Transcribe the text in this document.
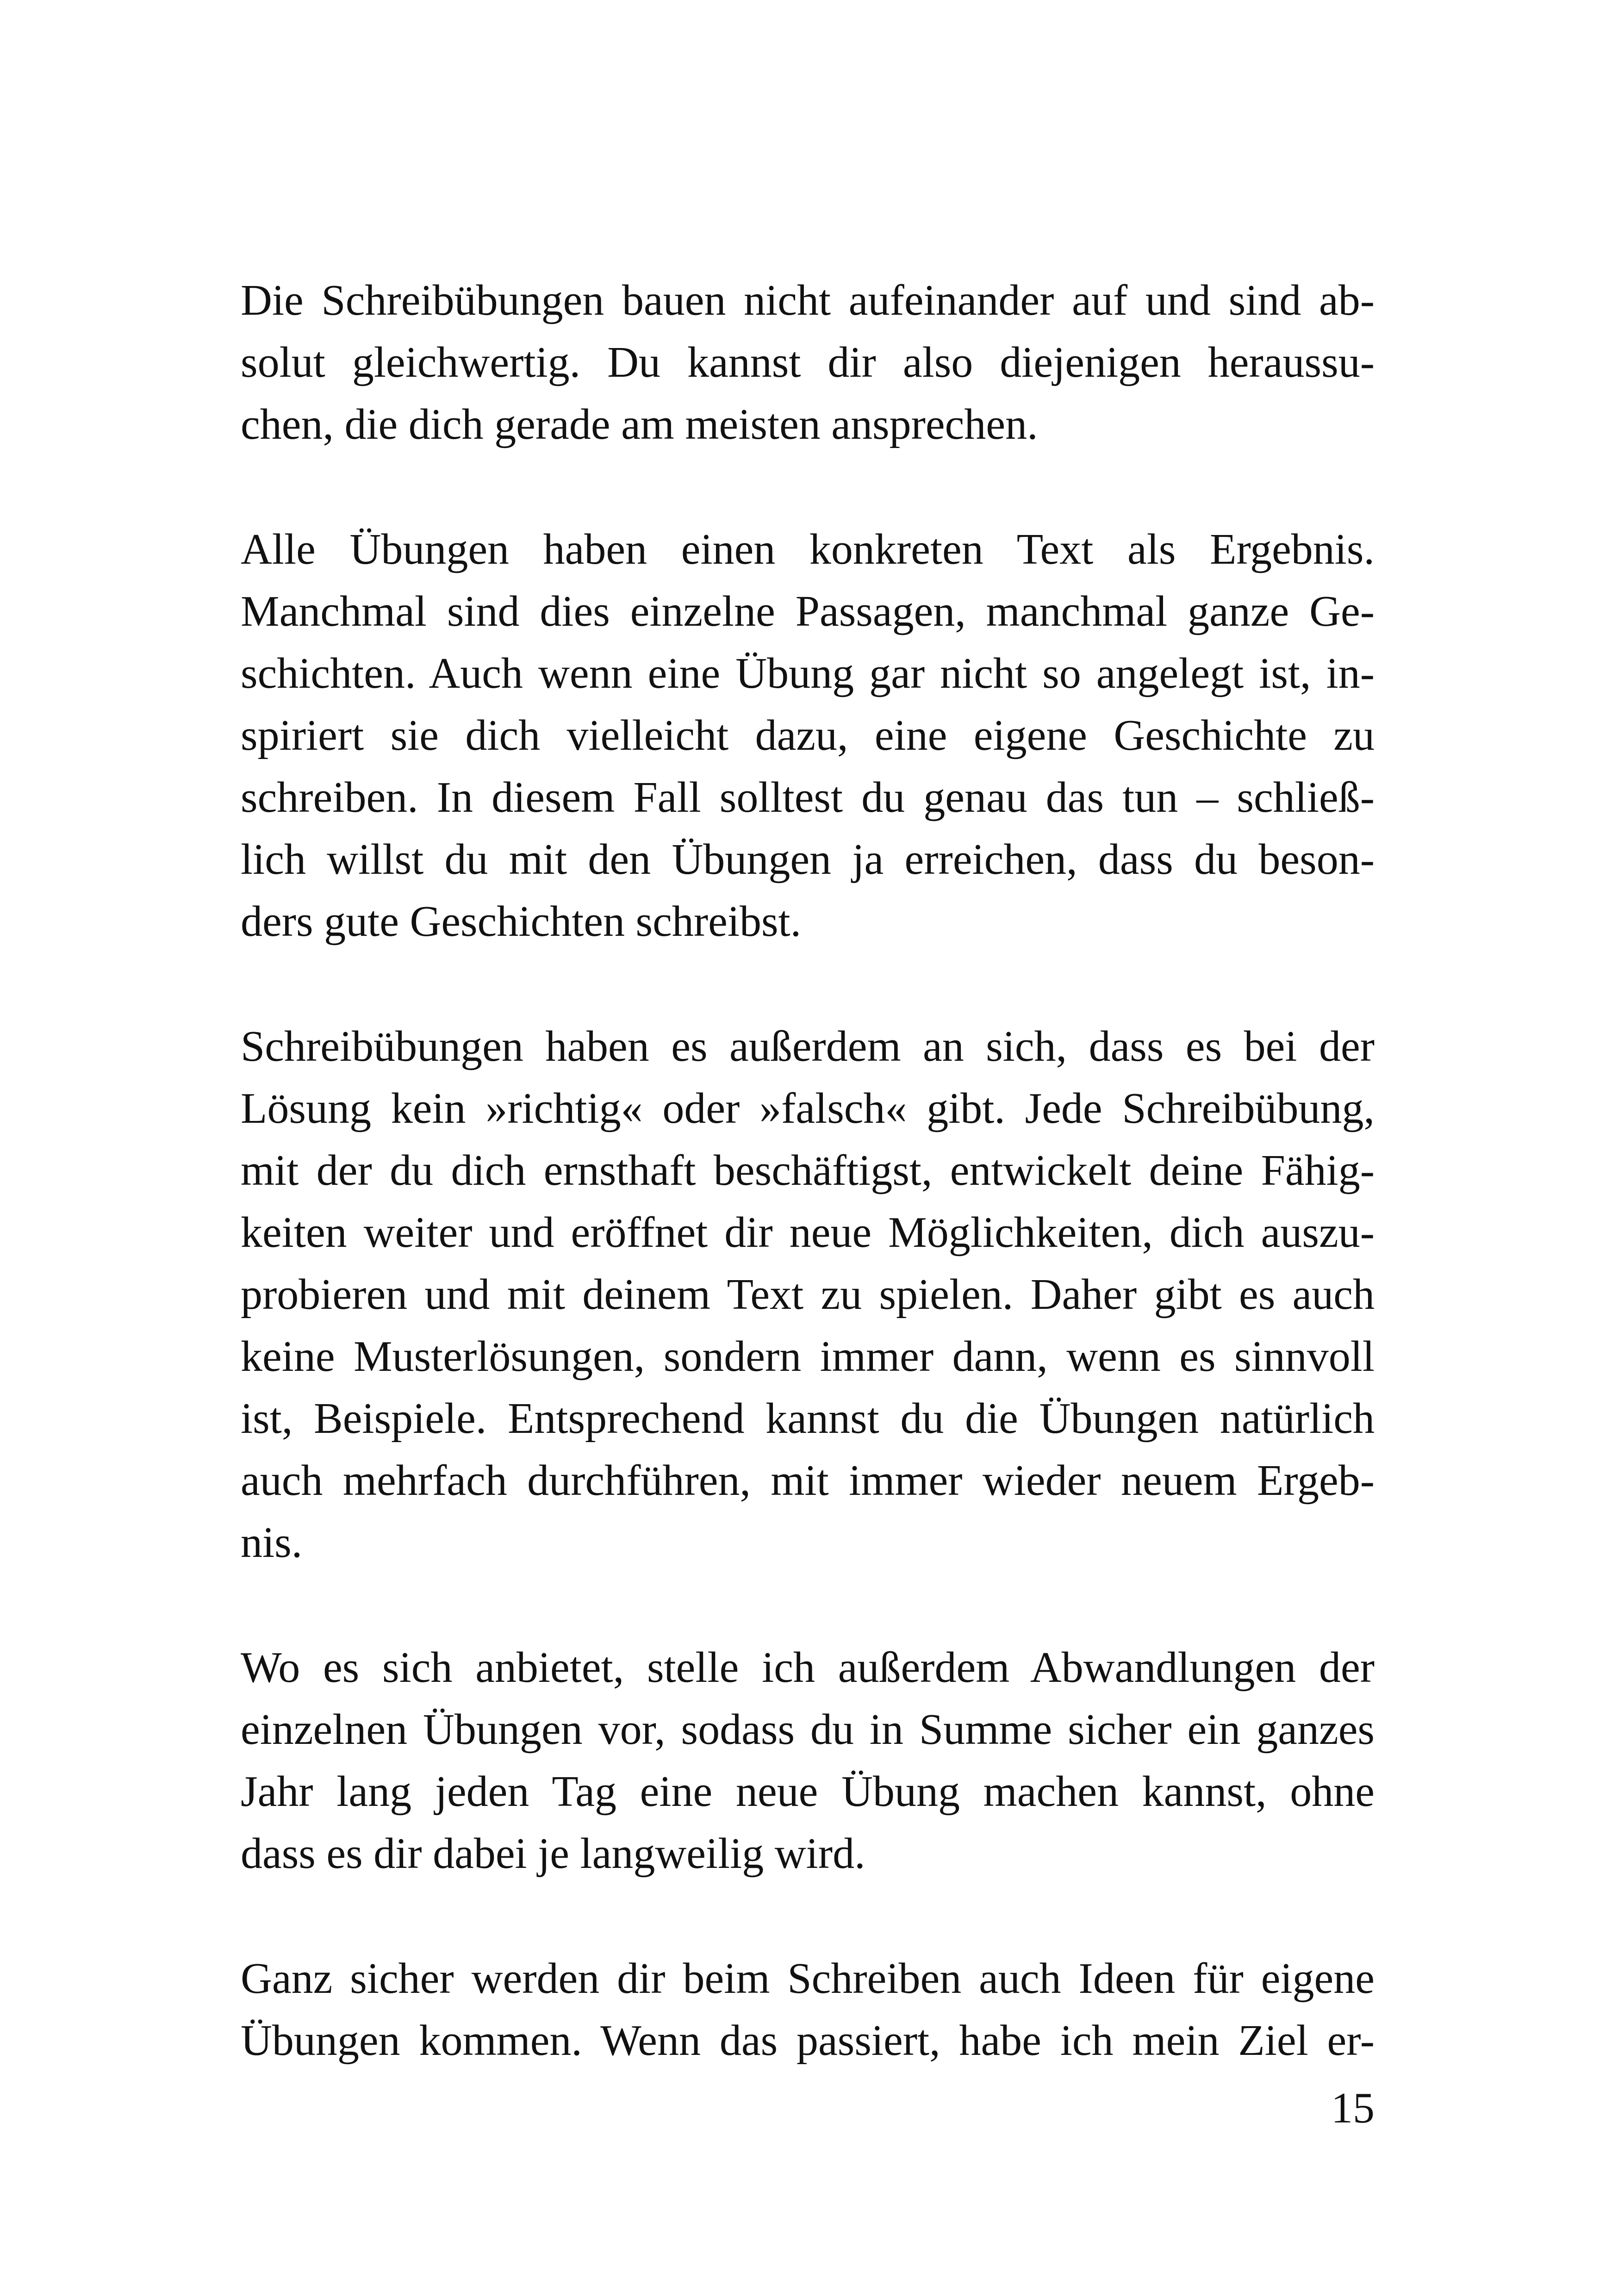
Die Schreibübungen bauen nicht aufeinander auf und sind ab-
solut gleichwertig. Du kannst dir also diejenigen heraussu-
chen, die dich gerade am meisten ansprechen.

Alle Übungen haben einen konkreten Text als Ergebnis.
Manchmal sind dies einzelne Passagen, manchmal ganze Ge-
schichten. Auch wenn eine Übung gar nicht so angelegt ist, in-
spiriert sie dich vielleicht dazu, eine eigene Geschichte zu
schreiben. In diesem Fall solltest du genau das tun – schließ-
lich willst du mit den Übungen ja erreichen, dass du beson-
ders gute Geschichten schreibst.

Schreibübungen haben es außerdem an sich, dass es bei der
Lösung kein »richtig« oder »falsch« gibt. Jede Schreibübung,
mit der du dich ernsthaft beschäftigst, entwickelt deine Fähig-
keiten weiter und eröffnet dir neue Möglichkeiten, dich auszu-
probieren und mit deinem Text zu spielen. Daher gibt es auch
keine Musterlösungen, sondern immer dann, wenn es sinnvoll
ist, Beispiele. Entsprechend kannst du die Übungen natürlich
auch mehrfach durchführen, mit immer wieder neuem Ergeb-
nis.

Wo es sich anbietet, stelle ich außerdem Abwandlungen der
einzelnen Übungen vor, sodass du in Summe sicher ein ganzes
Jahr lang jeden Tag eine neue Übung machen kannst, ohne
dass es dir dabei je langweilig wird.

Ganz sicher werden dir beim Schreiben auch Ideen für eigene
Übungen kommen. Wenn das passiert, habe ich mein Ziel er-

15
